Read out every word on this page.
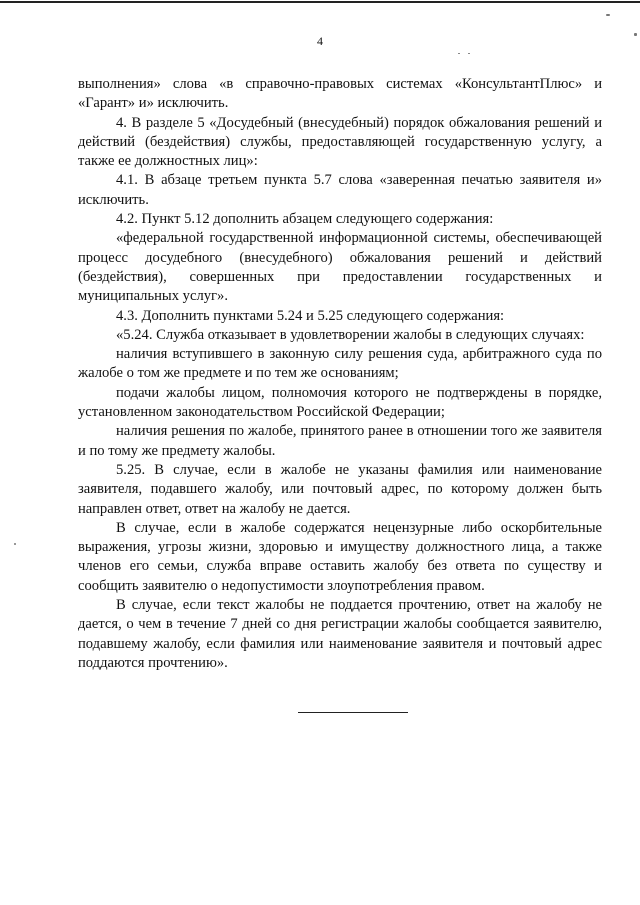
4

выполнения» слова «в справочно-правовых системах «КонсультантПлюс» и «Гарант» и» исключить.

4. В разделе 5 «Досудебный (внесудебный) порядок обжалования решений и действий (бездействия) службы, предоставляющей государственную услугу, а также ее должностных лиц»:

4.1. В абзаце третьем пункта 5.7 слова «заверенная печатью заявителя и» исключить.

4.2. Пункт 5.12 дополнить абзацем следующего содержания:

«федеральной государственной информационной системы, обеспечивающей процесс досудебного (внесудебного) обжалования решений и действий (бездействия), совершенных при предоставлении государственных и муниципальных услуг».

4.3. Дополнить пунктами 5.24 и 5.25 следующего содержания:

«5.24. Служба отказывает в удовлетворении жалобы в следующих случаях:

наличия вступившего в законную силу решения суда, арбитражного суда по жалобе о том же предмете и по тем же основаниям;

подачи жалобы лицом, полномочия которого не подтверждены в порядке, установленном законодательством Российской Федерации;

наличия решения по жалобе, принятого ранее в отношении того же заявителя и по тому же предмету жалобы.

5.25. В случае, если в жалобе не указаны фамилия или наименование заявителя, подавшего жалобу, или почтовый адрес, по которому должен быть направлен ответ, ответ на жалобу не дается.

В случае, если в жалобе содержатся нецензурные либо оскорбительные выражения, угрозы жизни, здоровью и имуществу должностного лица, а также членов его семьи, служба вправе оставить жалобу без ответа по существу и сообщить заявителю о недопустимости злоупотребления правом.

В случае, если текст жалобы не поддается прочтению, ответ на жалобу не дается, о чем в течение 7 дней со дня регистрации жалобы сообщается заявителю, подавшему жалобу, если фамилия или наименование заявителя и почтовый адрес поддаются прочтению».
